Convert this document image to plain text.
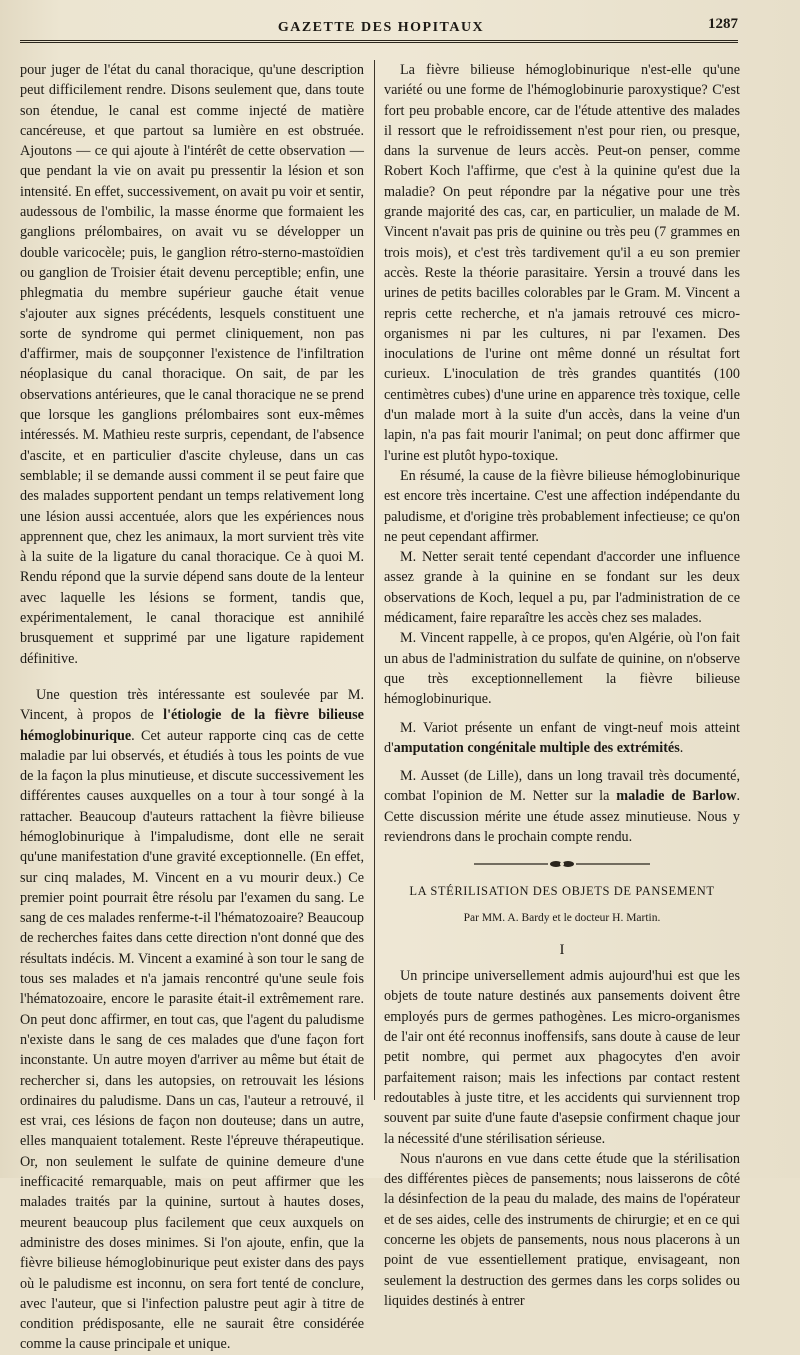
GAZETTE DES HOPITAUX	1287

pour juger de l'état du canal thoracique, qu'une description peut difficilement rendre. Disons seulement que, dans toute son étendue, le canal est comme injecté de matière cancéreuse, et que partout sa lumière en est obstruée. Ajoutons — ce qui ajoute à l'intérêt de cette observation — que pendant la vie on avait pu pressentir la lésion et son intensité. En effet, successivement, on avait pu voir et sentir, audessous de l'ombilic, la masse énorme que formaient les ganglions prélombaires, on avait vu se développer un double varicocèle; puis, le ganglion rétro-sterno-mastoïdien ou ganglion de Troisier était devenu perceptible; enfin, une phlegmatia du membre supérieur gauche était venue s'ajouter aux signes précédents, lesquels constituent une sorte de syndrome qui permet cliniquement, non pas d'affirmer, mais de soupçonner l'existence de l'infiltration néoplasique du canal thoracique. On sait, de par les observations antérieures, que le canal thoracique ne se prend que lorsque les ganglions prélombaires sont eux-mêmes intéressés. M. Mathieu reste surpris, cependant, de l'absence d'ascite, et en particulier d'ascite chyleuse, dans un cas semblable; il se demande aussi comment il se peut faire que des malades supportent pendant un temps relativement long une lésion aussi accentuée, alors que les expériences nous apprennent que, chez les animaux, la mort survient très vite à la suite de la ligature du canal thoracique. Ce à quoi M. Rendu répond que la survie dépend sans doute de la lenteur avec laquelle les lésions se forment, tandis que, expérimentalement, le canal thoracique est annihilé brusquement et supprimé par une ligature rapidement définitive.

Une question très intéressante est soulevée par M. Vincent, à propos de l'étiologie de la fièvre bilieuse hémoglobinurique. Cet auteur rapporte cinq cas de cette maladie par lui observés, et étudiés à tous les points de vue de la façon la plus minutieuse, et discute successivement les différentes causes auxquelles on a tour à tour songé à la rattacher. Beaucoup d'auteurs rattachent la fièvre bilieuse hémoglobinurique à l'impaludisme, dont elle ne serait qu'une manifestation d'une gravité exceptionnelle. (En effet, sur cinq malades, M. Vincent en a vu mourir deux.) Ce premier point pourrait être résolu par l'examen du sang. Le sang de ces malades renferme-t-il l'hématozoaire? Beaucoup de recherches faites dans cette direction n'ont donné que des résultats indécis. M. Vincent a examiné à son tour le sang de tous ses malades et n'a jamais rencontré qu'une seule fois l'hématozoaire, encore le parasite était-il extrêmement rare. On peut donc affirmer, en tout cas, que l'agent du paludisme n'existe dans le sang de ces malades que d'une façon fort inconstante. Un autre moyen d'arriver au même but était de rechercher si, dans les autopsies, on retrouvait les lésions ordinaires du paludisme. Dans un cas, l'auteur a retrouvé, il est vrai, ces lésions de façon non douteuse; dans un autre, elles manquaient totalement. Reste l'épreuve thérapeutique. Or, non seulement le sulfate de quinine demeure d'une inefficacité remarquable, mais on peut affirmer que les malades traités par la quinine, surtout à hautes doses, meurent beaucoup plus facilement que ceux auxquels on administre des doses minimes. Si l'on ajoute, enfin, que la fièvre bilieuse hémoglobinurique peut exister dans des pays où le paludisme est inconnu, on sera fort tenté de conclure, avec l'auteur, que si l'infection palustre peut agir à titre de condition prédisposante, elle ne saurait être considérée comme la cause principale et unique.

La fièvre bilieuse hémoglobinurique n'est-elle qu'une variété ou une forme de l'hémoglobinurie paroxystique? C'est fort peu probable encore, car de l'étude attentive des malades il ressort que le refroidissement n'est pour rien, ou presque, dans la survenue de leurs accès. Peut-on penser, comme Robert Koch l'affirme, que c'est à la quinine qu'est due la maladie? On peut répondre par la négative pour une très grande majorité des cas, car, en particulier, un malade de M. Vincent n'avait pas pris de quinine ou très peu (7 grammes en trois mois), et c'est très tardivement qu'il a eu son premier accès. Reste la théorie parasitaire. Yersin a trouvé dans les urines de petits bacilles colorables par le Gram. M. Vincent a repris cette recherche, et n'a jamais retrouvé ces micro-organismes ni par les cultures, ni par l'examen. Des inoculations de l'urine ont même donné un résultat fort curieux. L'inoculation de très grandes quantités (100 centimètres cubes) d'une urine en apparence très toxique, celle d'un malade mort à la suite d'un accès, dans la veine d'un lapin, n'a pas fait mourir l'animal; on peut donc affirmer que l'urine est plutôt hypo-toxique.

En résumé, la cause de la fièvre bilieuse hémoglobinurique est encore très incertaine. C'est une affection indépendante du paludisme, et d'origine très probablement infectieuse; ce qu'on ne peut cependant affirmer.

M. Netter serait tenté cependant d'accorder une influence assez grande à la quinine en se fondant sur les deux observations de Koch, lequel a pu, par l'administration de ce médicament, faire reparaître les accès chez ses malades.

M. Vincent rappelle, à ce propos, qu'en Algérie, où l'on fait un abus de l'administration du sulfate de quinine, on n'observe que très exceptionnellement la fièvre bilieuse hémoglobinurique.

M. Variot présente un enfant de vingt-neuf mois atteint d'amputation congénitale multiple des extrémités.

M. Ausset (de Lille), dans un long travail très documenté, combat l'opinion de M. Netter sur la maladie de Barlow. Cette discussion mérite une étude assez minutieuse. Nous y reviendrons dans le prochain compte rendu.

LA STÉRILISATION DES OBJETS DE PANSEMENT
Par MM. A. Bardy et le docteur H. Martin.
I

Un principe universellement admis aujourd'hui est que les objets de toute nature destinés aux pansements doivent être employés purs de germes pathogènes. Les micro-organismes de l'air ont été reconnus inoffensifs, sans doute à cause de leur petit nombre, qui permet aux phagocytes d'en avoir parfaitement raison; mais les infections par contact restent redoutables à juste titre, et les accidents qui surviennent trop souvent par suite d'une faute d'asepsie confirment chaque jour la nécessité d'une stérilisation sérieuse.

Nous n'aurons en vue dans cette étude que la stérilisation des différentes pièces de pansements; nous laisserons de côté la désinfection de la peau du malade, des mains de l'opérateur et de ses aides, celle des instruments de chirurgie; et en ce qui concerne les objets de pansements, nous nous placerons à un point de vue essentiellement pratique, envisageant, non seulement la destruction des germes dans les corps solides ou liquides destinés à entrer
